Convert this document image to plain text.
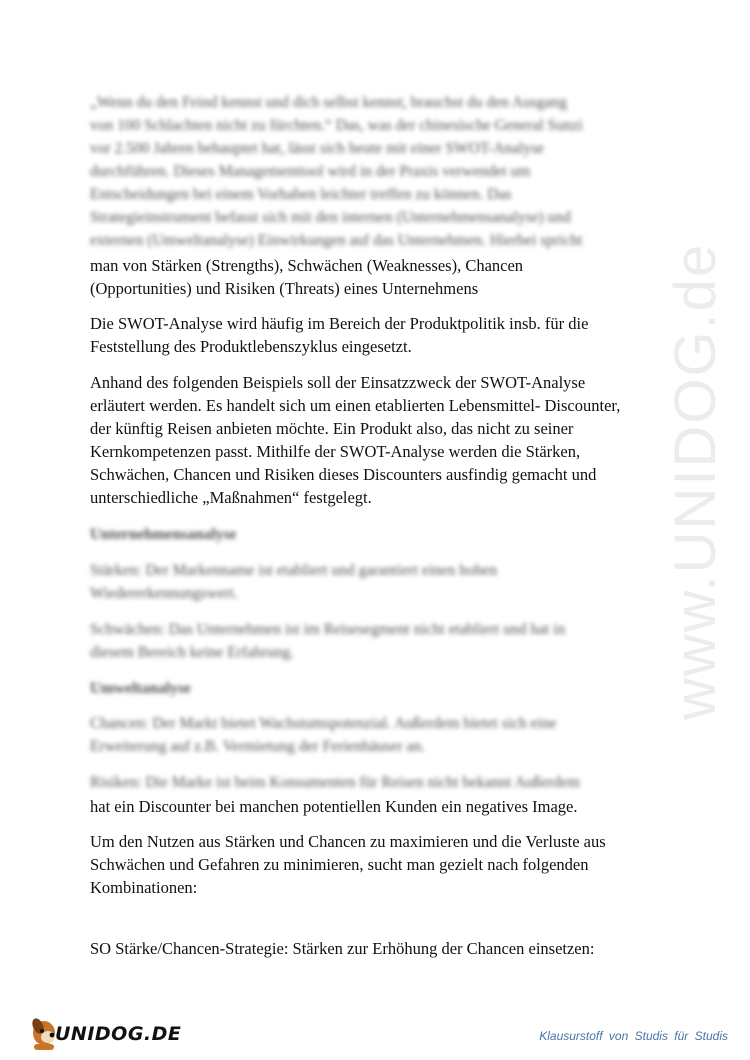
www.UNIDOG.de
„Wenn du den Feind kennst und dich selbst kennst, brauchst du den Ausgang
von 100 Schlachten nicht zu fürchten.“ Das, was der chinesische General Sunzi
vor 2.500 Jahren behauptet hat, lässt sich heute mit einer SWOT-Analyse
durchführen. Dieses Managementtool wird in der Praxis verwendet um
Entscheidungen bei einem Vorhaben leichter treffen zu können. Das
Strategieinstrument befasst sich mit den internen (Unternehmensanalyse) und
externen (Umweltanalyse) Einwirkungen auf das Unternehmen. Hierbei spricht
man von Stärken (Strengths), Schwächen (Weaknesses), Chancen
(Opportunities) und Risiken (Threats) eines Unternehmens
Die SWOT-Analyse wird häufig im Bereich der Produktpolitik insb. für die
Feststellung des Produktlebenszyklus eingesetzt.
Anhand des folgenden Beispiels soll der Einsatzzweck der SWOT-Analyse
erläutert werden. Es handelt sich um einen etablierten Lebensmittel- Discounter,
der künftig Reisen anbieten möchte. Ein Produkt also, das nicht zu seiner
Kernkompetenzen passt. Mithilfe der SWOT-Analyse werden die Stärken,
Schwächen, Chancen und Risiken dieses Discounters ausfindig gemacht und
unterschiedliche „Maßnahmen“ festgelegt.
Unternehmensanalyse
Stärken: Der Markenname ist etabliert und garantiert einen hohen
Wiedererkennungswert.
Schwächen: Das Unternehmen ist im Reisesegment nicht etabliert und hat in
diesem Bereich keine Erfahrung.
Umweltanalyse
Chancen: Der Markt bietet Wachstumspotenzial. Außerdem bietet sich eine
Erweiterung auf z.B. Vermietung der Ferienhäuser an.
Risiken: Die Marke ist beim Konsumenten für Reisen nicht bekannt Außerdem
hat ein Discounter bei manchen potentiellen Kunden ein negatives Image.
Um den Nutzen aus Stärken und Chancen zu maximieren und die Verluste aus
Schwächen und Gefahren zu minimieren, sucht man gezielt nach folgenden
Kombinationen:
SO Stärke/Chancen-Strategie: Stärken zur Erhöhung der Chancen einsetzen:
UNIDOG.DE	Klausurstoff von Studis für Studis
